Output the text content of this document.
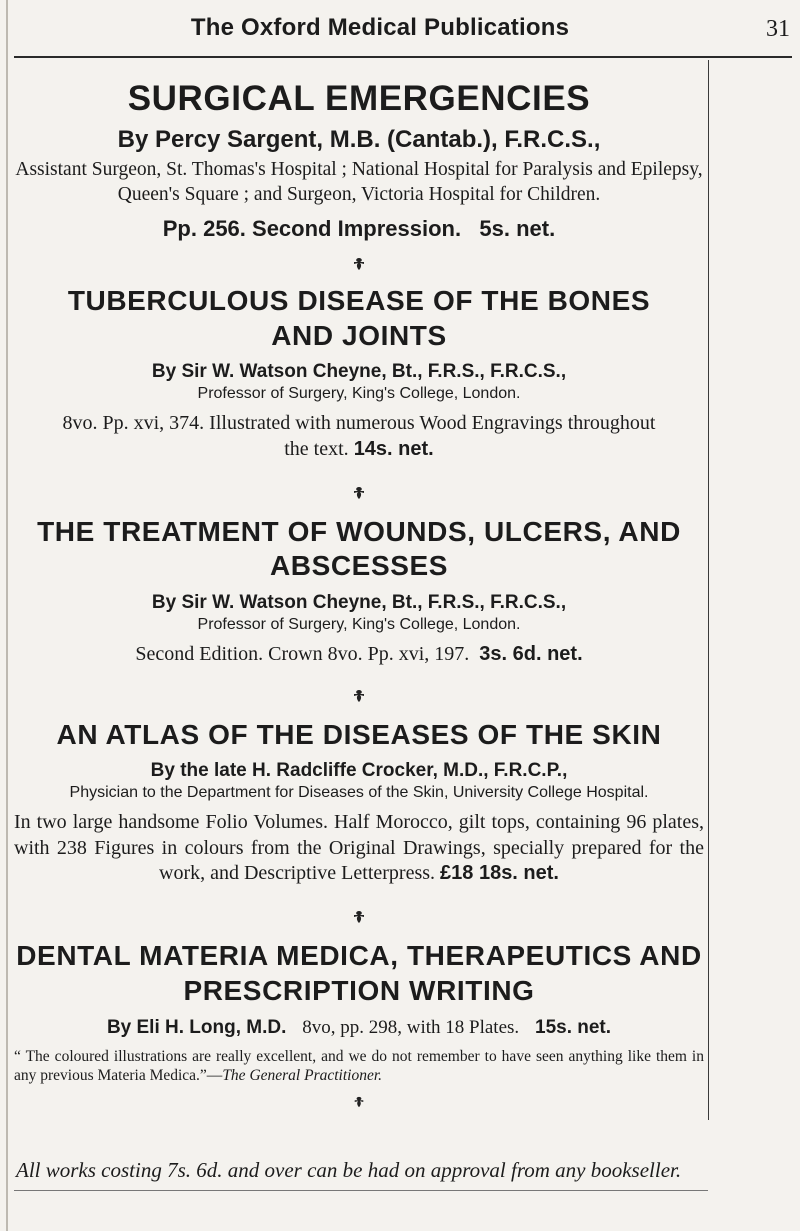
The Oxford Medical Publications	31
SURGICAL EMERGENCIES
By Percy Sargent, M.B. (Cantab.), F.R.C.S.,
Assistant Surgeon, St. Thomas's Hospital ; National Hospital for Paralysis and Epilepsy, Queen's Square ; and Surgeon, Victoria Hospital for Children.
Pp. 256. Second Impression. 5s. net.
TUBERCULOUS DISEASE OF THE BONES AND JOINTS
By Sir W. Watson Cheyne, Bt., F.R.S., F.R.C.S.,
Professor of Surgery, King's College, London.
8vo. Pp. xvi, 374. Illustrated with numerous Wood Engravings throughout the text. 14s. net.
THE TREATMENT OF WOUNDS, ULCERS, AND ABSCESSES
By Sir W. Watson Cheyne, Bt., F.R.S., F.R.C.S.,
Professor of Surgery, King's College, London.
Second Edition. Crown 8vo. Pp. xvi, 197. 3s. 6d. net.
AN ATLAS OF THE DISEASES OF THE SKIN
By the late H. Radcliffe Crocker, M.D., F.R.C.P.,
Physician to the Department for Diseases of the Skin, University College Hospital.
In two large handsome Folio Volumes. Half Morocco, gilt tops, containing 96 plates, with 238 Figures in colours from the Original Drawings, specially prepared for the work, and Descriptive Letterpress. £18 18s. net.
DENTAL MATERIA MEDICA, THERAPEUTICS AND PRESCRIPTION WRITING
By Eli H. Long, M.D. 8vo, pp. 298, with 18 Plates. 15s. net.
“ The coloured illustrations are really excellent, and we do not remember to have seen anything like them in any previous Materia Medica.”—The General Practitioner.
All works costing 7s. 6d. and over can be had on approval from any bookseller.
